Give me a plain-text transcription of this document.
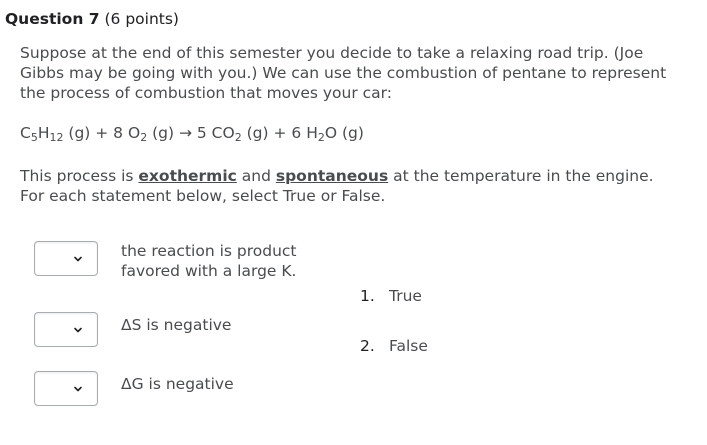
Question 7 (6 points)
Suppose at the end of this semester you decide to take a relaxing road trip. (Joe Gibbs may be going with you.) We can use the combustion of pentane to represent the process of combustion that moves your car:
$C_5H_{12}$ (g) + 8 $O_2$ (g) → 5 $CO_2$ (g) + 6 $H_2O$ (g)
This process is exothermic and spontaneous at the temperature in the engine. For each statement below, select True or False.
the reaction is product favored with a large K.
ΔS is negative
ΔG is negative
1. True
2. False
